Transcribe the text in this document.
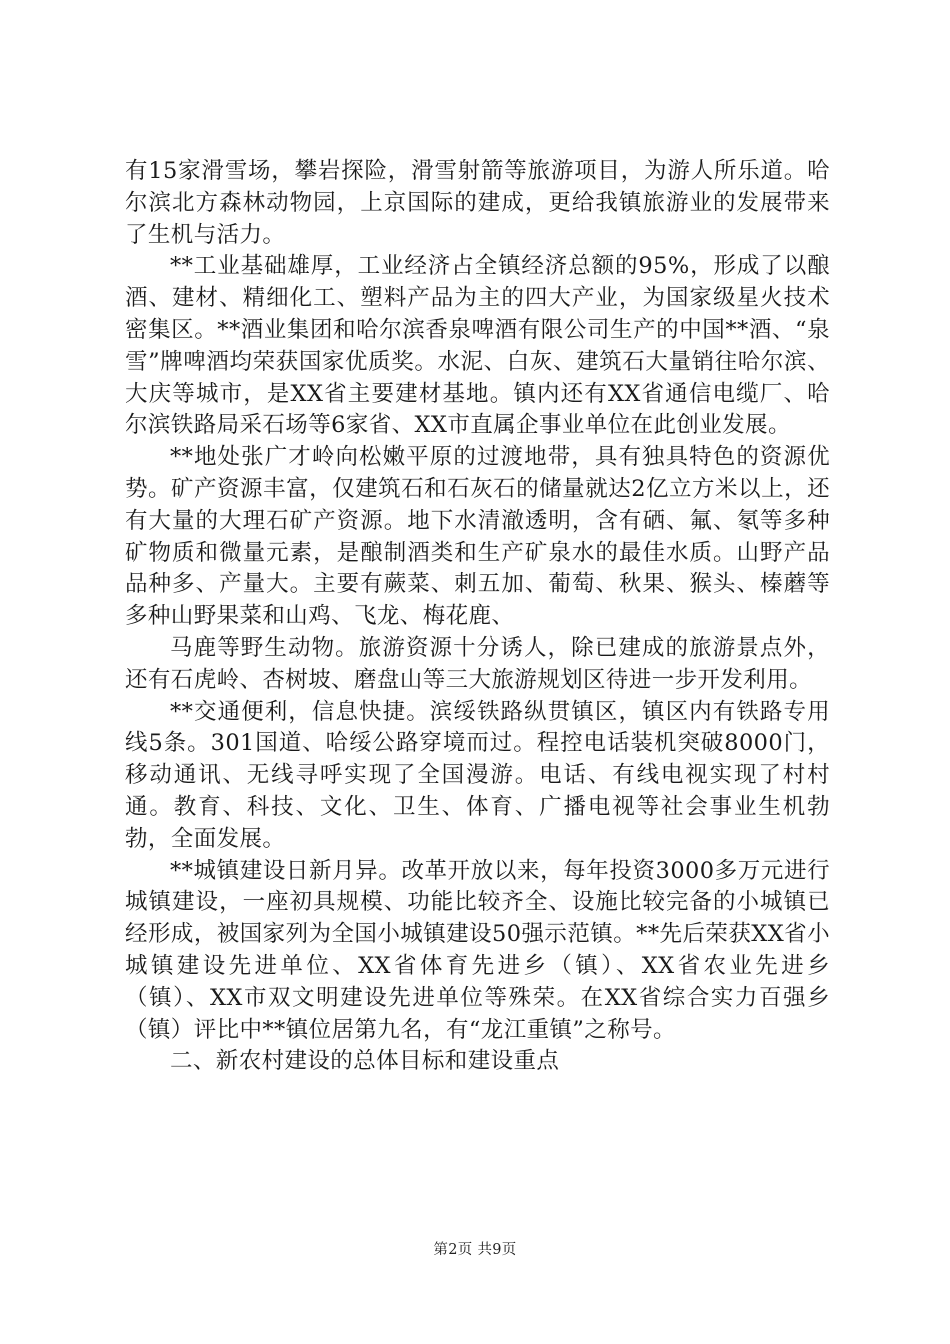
有15家滑雪场，攀岩探险，滑雪射箭等旅游项目，为游人所乐道。哈尔滨北方森林动物园，上京国际的建成，更给我镇旅游业的发展带来了生机与活力。

**工业基础雄厚，工业经济占全镇经济总额的95%，形成了以酿酒、建材、精细化工、塑料产品为主的四大产业，为国家级星火技术密集区。**酒业集团和哈尔滨香泉啤酒有限公司生产的中国**酒、“泉雪”牌啤酒均荣获国家优质奖。水泥、白灰、建筑石大量销往哈尔滨、大庆等城市，是XX省主要建材基地。镇内还有XX省通信电缆厂、哈尔滨铁路局采石场等6家省、XX市直属企事业单位在此创业发展。

**地处张广才岭向松嫩平原的过渡地带，具有独具特色的资源优势。矿产资源丰富，仅建筑石和石灰石的储量就达2亿立方米以上，还有大量的大理石矿产资源。地下水清澈透明，含有硒、氟、氡等多种矿物质和微量元素，是酿制酒类和生产矿泉水的最佳水质。山野产品品种多、产量大。主要有蕨菜、刺五加、葡萄、秋果、猴头、榛蘑等多种山野果菜和山鸡、飞龙、梅花鹿、

马鹿等野生动物。旅游资源十分诱人，除已建成的旅游景点外，还有石虎岭、杏树坡、磨盘山等三大旅游规划区待进一步开发利用。

**交通便利，信息快捷。滨绥铁路纵贯镇区，镇区内有铁路专用线5条。301国道、哈绥公路穿境而过。程控电话装机突破8000门，移动通讯、无线寻呼实现了全国漫游。电话、有线电视实现了村村通。教育、科技、文化、卫生、体育、广播电视等社会事业生机勃勃，全面发展。

**城镇建设日新月异。改革开放以来，每年投资3000多万元进行城镇建设，一座初具规模、功能比较齐全、设施比较完备的小城镇已经形成，被国家列为全国小城镇建设50强示范镇。**先后荣获XX省小城镇建设先进单位、XX省体育先进乡（镇）、XX省农业先进乡（镇）、XX市双文明建设先进单位等殊荣。在XX省综合实力百强乡（镇）评比中**镇位居第九名，有“龙江重镇”之称号。

二、新农村建设的总体目标和建设重点

第2页 共9页
